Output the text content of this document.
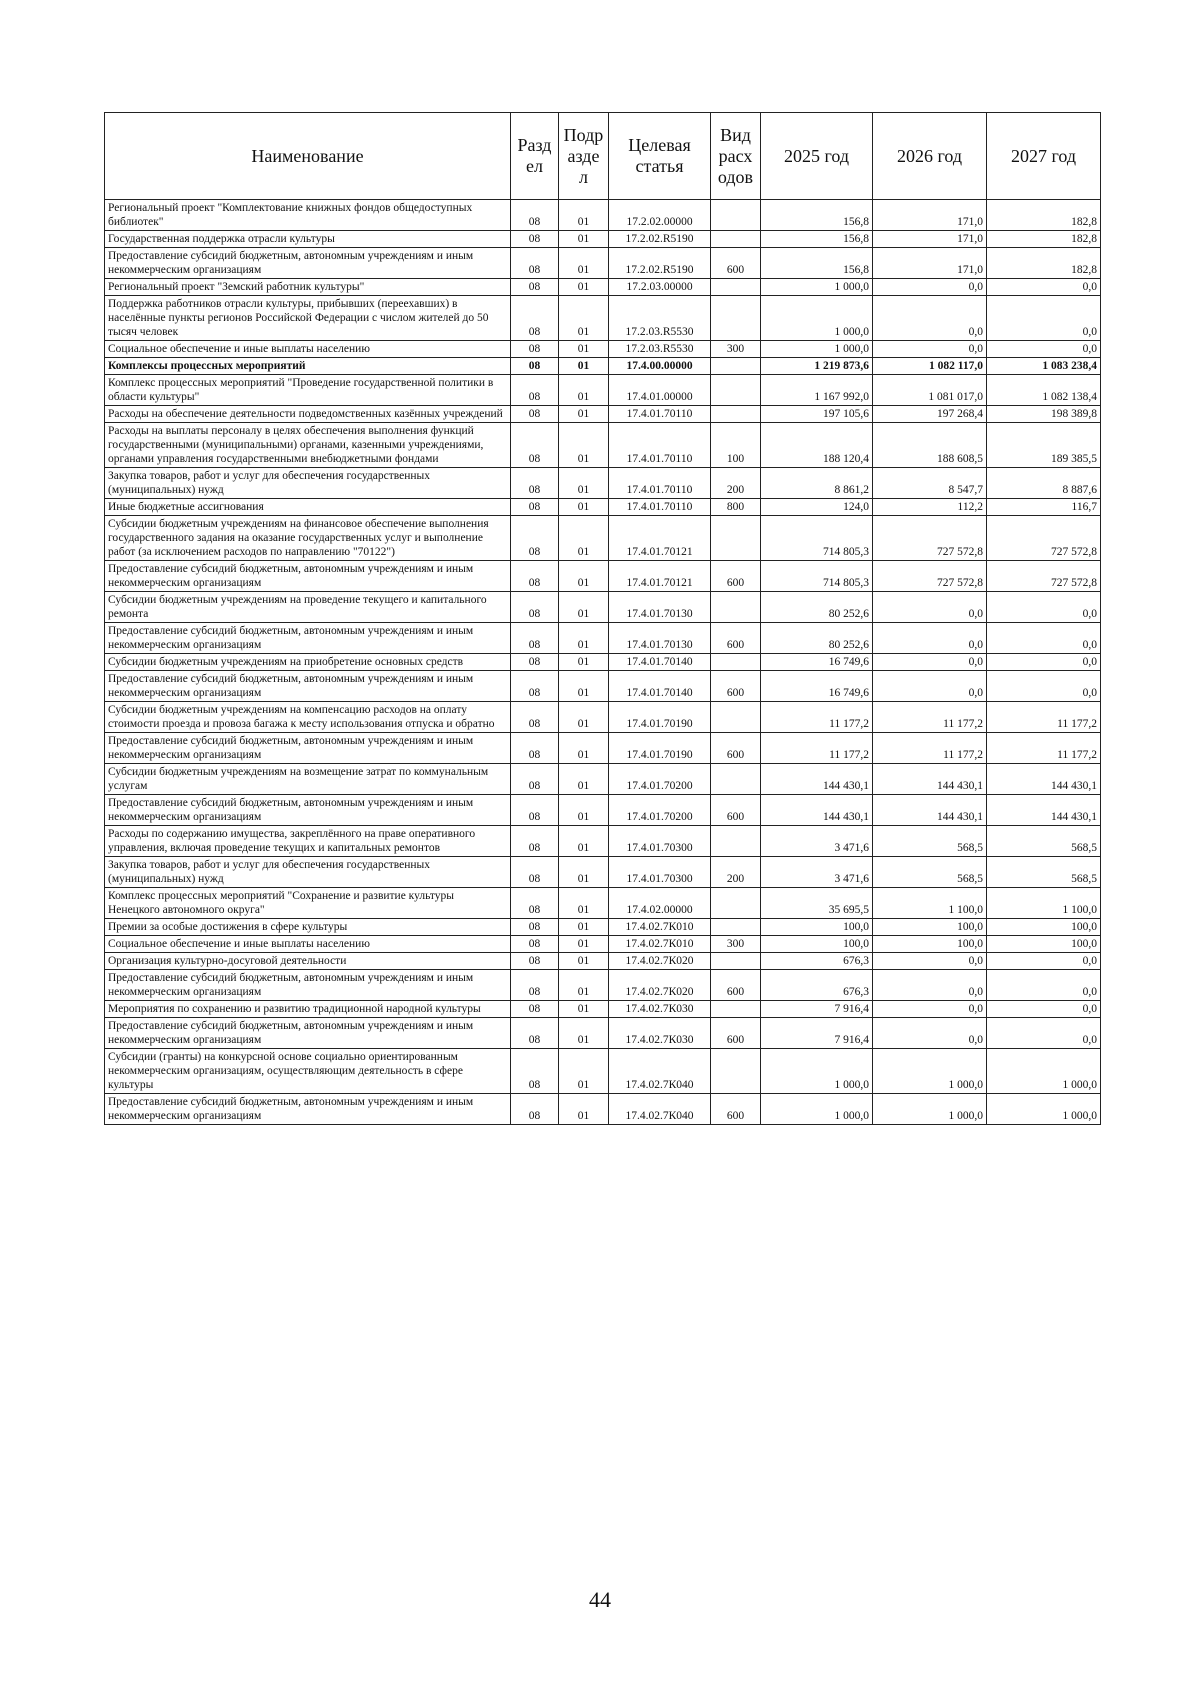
Наименование	Разд ел	Подр азде л	Целевая статья	Вид расх одов	2025 год	2026 год	2027 год
Региональный проект "Комплектование книжных фондов общедоступных библиотек"	08	01	17.2.02.00000		156,8	171,0	182,8
Государственная поддержка отрасли культуры	08	01	17.2.02.R5190		156,8	171,0	182,8
Предоставление субсидий бюджетным, автономным учреждениям и иным некоммерческим организациям	08	01	17.2.02.R5190	600	156,8	171,0	182,8
Региональный проект "Земский работник культуры"	08	01	17.2.03.00000		1 000,0	0,0	0,0
Поддержка работников отрасли культуры, прибывших (переехавших) в населённые пункты регионов Российской Федерации с числом жителей до 50 тысяч человек	08	01	17.2.03.R5530		1 000,0	0,0	0,0
Социальное обеспечение и иные выплаты населению	08	01	17.2.03.R5530	300	1 000,0	0,0	0,0
Комплексы процессных мероприятий	08	01	17.4.00.00000		1 219 873,6	1 082 117,0	1 083 238,4
Комплекс процессных мероприятий "Проведение государственной политики в области культуры"	08	01	17.4.01.00000		1 167 992,0	1 081 017,0	1 082 138,4
Расходы на обеспечение деятельности подведомственных казённых учреждений	08	01	17.4.01.70110		197 105,6	197 268,4	198 389,8
Расходы на выплаты персоналу в целях обеспечения выполнения функций государственными (муниципальными) органами, казенными учреждениями, органами управления государственными внебюджетными фондами	08	01	17.4.01.70110	100	188 120,4	188 608,5	189 385,5
Закупка товаров, работ и услуг для обеспечения государственных (муниципальных) нужд	08	01	17.4.01.70110	200	8 861,2	8 547,7	8 887,6
Иные бюджетные ассигнования	08	01	17.4.01.70110	800	124,0	112,2	116,7
Субсидии бюджетным учреждениям на финансовое обеспечение выполнения государственного задания на оказание государственных услуг и выполнение работ (за исключением расходов по направлению "70122")	08	01	17.4.01.70121		714 805,3	727 572,8	727 572,8
Предоставление субсидий бюджетным, автономным учреждениям и иным некоммерческим организациям	08	01	17.4.01.70121	600	714 805,3	727 572,8	727 572,8
Субсидии бюджетным учреждениям на проведение текущего и капитального ремонта	08	01	17.4.01.70130		80 252,6	0,0	0,0
Предоставление субсидий бюджетным, автономным учреждениям и иным некоммерческим организациям	08	01	17.4.01.70130	600	80 252,6	0,0	0,0
Субсидии бюджетным учреждениям на приобретение основных средств	08	01	17.4.01.70140		16 749,6	0,0	0,0
Предоставление субсидий бюджетным, автономным учреждениям и иным некоммерческим организациям	08	01	17.4.01.70140	600	16 749,6	0,0	0,0
Субсидии бюджетным учреждениям на компенсацию расходов на оплату стоимости проезда и провоза багажа к месту использования отпуска и обратно	08	01	17.4.01.70190		11 177,2	11 177,2	11 177,2
Предоставление субсидий бюджетным, автономным учреждениям и иным некоммерческим организациям	08	01	17.4.01.70190	600	11 177,2	11 177,2	11 177,2
Субсидии бюджетным учреждениям на возмещение затрат по коммунальным услугам	08	01	17.4.01.70200		144 430,1	144 430,1	144 430,1
Предоставление субсидий бюджетным, автономным учреждениям и иным некоммерческим организациям	08	01	17.4.01.70200	600	144 430,1	144 430,1	144 430,1
Расходы по содержанию имущества, закреплённого на праве оперативного управления, включая проведение текущих и капитальных ремонтов	08	01	17.4.01.70300		3 471,6	568,5	568,5
Закупка товаров, работ и услуг для обеспечения государственных (муниципальных) нужд	08	01	17.4.01.70300	200	3 471,6	568,5	568,5
Комплекс процессных мероприятий "Сохранение и развитие культуры Ненецкого автономного округа"	08	01	17.4.02.00000		35 695,5	1 100,0	1 100,0
Премии за особые достижения в сфере культуры	08	01	17.4.02.7К010		100,0	100,0	100,0
Социальное обеспечение и иные выплаты населению	08	01	17.4.02.7К010	300	100,0	100,0	100,0
Организация культурно-досуговой деятельности	08	01	17.4.02.7К020		676,3	0,0	0,0
Предоставление субсидий бюджетным, автономным учреждениям и иным некоммерческим организациям	08	01	17.4.02.7К020	600	676,3	0,0	0,0
Мероприятия по сохранению и развитию традиционной народной культуры	08	01	17.4.02.7К030		7 916,4	0,0	0,0
Предоставление субсидий бюджетным, автономным учреждениям и иным некоммерческим организациям	08	01	17.4.02.7К030	600	7 916,4	0,0	0,0
Субсидии (гранты) на конкурсной основе социально ориентированным некоммерческим организациям, осуществляющим деятельность в сфере культуры	08	01	17.4.02.7К040		1 000,0	1 000,0	1 000,0
Предоставление субсидий бюджетным, автономным учреждениям и иным некоммерческим организациям	08	01	17.4.02.7К040	600	1 000,0	1 000,0	1 000,0
44
